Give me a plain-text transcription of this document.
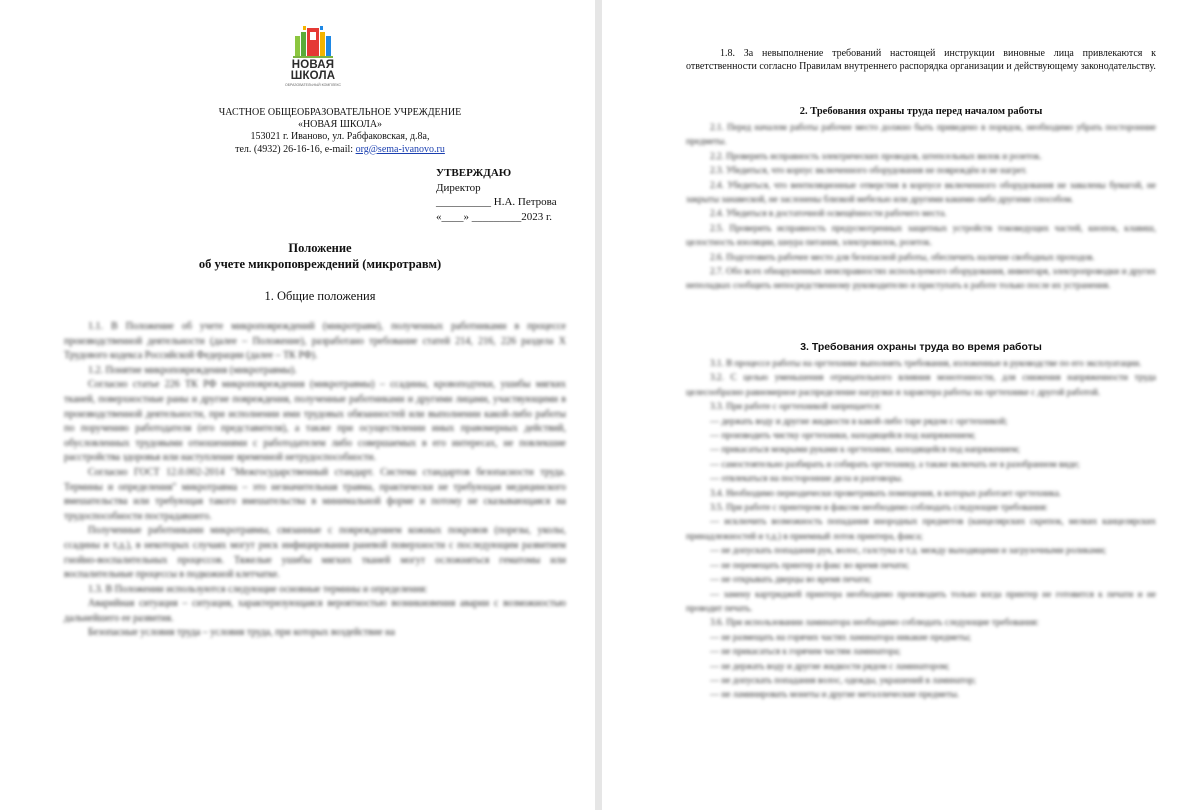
НОВАЯ
ШКОЛА
ОБРАЗОВАТЕЛЬНЫЙ КОМПЛЕКС
ЧАСТНОЕ ОБЩЕОБРАЗОВАТЕЛЬНОЕ УЧРЕЖДЕНИЕ
«НОВАЯ ШКОЛА»
153021 г. Иваново, ул. Рабфаковская, д.8а,
тел. (4932) 26-16-16, e-mail: org@sema-ivanovo.ru
УТВЕРЖДАЮ
Директор
__________ Н.А. Петрова
«____» _________2023 г.
Положение
об учете микроповреждений (микротравм)
1. Общие положения

1.1. В Положение об учете микроповреждений (микротравм), полученных работниками в процессе производственной деятельности (далее – Положение), разработано требование статей 214, 216, 226 раздела X Трудового кодекса Российской Федерации (далее – ТК РФ).

1.2. Понятие микроповреждения (микротравмы).

Согласно статье 226 ТК РФ микроповреждения (микротравмы) – ссадины, кровоподтеки, ушибы мягких тканей, поверхностные раны и другие повреждения, полученные работниками и другими лицами, участвующими в производственной деятельности, при исполнении ими трудовых обязанностей или выполнении какой-либо работы по поручению работодателя (его представителя), а также при осуществлении иных правомерных действий, обусловленных трудовыми отношениями с работодателем либо совершаемых в его интересах, не повлекшие расстройства здоровья или наступление временной нетрудоспособности.

Согласно ГОСТ 12.0.002-2014 "Межгосударственный стандарт. Система стандартов безопасности труда. Термины и определения" микротравма – это незначительная травма, практически не требующая медицинского вмешательства или требующая такого вмешательства в минимальной форме и потому не сказывающаяся на трудоспособности пострадавшего.

Полученные работниками микротравмы, связанные с повреждением кожных покровов (порезы, уколы, ссадины и т.д.), в некоторых случаях могут риск инфицирования раневой поверхности с последующим развитием гнойно-воспалительных процессов. Тяжелые ушибы мягких тканей могут осложняться гематомы или воспалительные процессы в подкожной клетчатке.

1.3. В Положении используются следующие основные термины и определения:

Аварийная ситуация – ситуация, характеризующаяся вероятностью возникновения аварии с возможностью дальнейшего ее развития.

Безопасные условия труда – условия труда, при которых воздействие на

1.8. За невыполнение требований настоящей инструкции виновные лица привлекаются к ответственности согласно Правилам внутреннего распорядка организации и действующему законодательству.
2. Требования охраны труда перед началом работы

2.1. Перед началом работы рабочее место должно быть приведено в порядок, необходимо убрать посторонние предметы.

2.2. Проверить исправность электрических проводов, штепсельных вилок и розеток.

2.3. Убедиться, что корпус включенного оборудования не повреждён и не нагрет.

2.4. Убедиться, что вентиляционные отверстия в корпусе включенного оборудования не завалены бумагой, не закрыты занавеской, не заслонены близкой мебелью или другими какими-либо другими способом.

2.4. Убедиться в достаточной освещённости рабочего места.

2.5. Проверить исправность предусмотренных защитных устройств токоведущих частей, кнопок, клавиш, целостность изоляции, шнура питания, электровилок, розеток.

2.6. Подготовить рабочее место для безопасной работы, обеспечить наличие свободных проходов.

2.7. Обо всех обнаруженных неисправностях используемого оборудования, инвентаря, электропроводки и других неполадках сообщить непосредственному руководителю и приступать к работе только после их устранения.

3. Требования охраны труда во время работы

3.1. В процессе работы на оргтехнике выполнять требования, изложенные в руководстве по его эксплуатации.

3.2. С целью уменьшения отрицательного влияния монотонности, для снижения напряженности труда целесообразно равномерное распределение нагрузки и характера работы на оргтехнике с другой работой.

3.3. При работе с оргтехникой запрещается:

— держать воду и другие жидкости в какой-либо таре рядом с оргтехникой;

— производить чистку оргтехники, находящейся под напряжением;

— прикасаться мокрыми руками к оргтехнике, находящейся под напряжением;

— самостоятельно разбирать и собирать оргтехнику, а также включать ее в разобранном виде;

— отвлекаться на посторонние дела и разговоры.

3.4. Необходимо периодически проветривать помещения, в которых работает оргтехника.

3.5. При работе с принтером и факсом необходимо соблюдать следующие требования:

— исключить возможность попадания инородных предметов (канцелярских скрепок, мелких канцелярских принадлежностей и т.д.) в приемный лоток принтера, факса;

— не допускать попадания рук, волос, галстука и т.д. между выходящими и загрузочными роликами;

— не перемещать принтер и факс во время печати;

— не открывать дверцы во время печати;

— замену картриджей принтера необходимо производить только когда принтер не готовится к печати и не проводит печать.

3.6. При использовании ламинатора необходимо соблюдать следующие требования:

— не размещать на горячих частях ламинатора никакие предметы;

— не прикасаться к горячим частям ламинатора;

— не держать воду и другие жидкости рядом с ламинатором;

— не допускать попадания волос, одежды, украшений в ламинатор;

— не ламинировать монеты и другие металлические предметы.
